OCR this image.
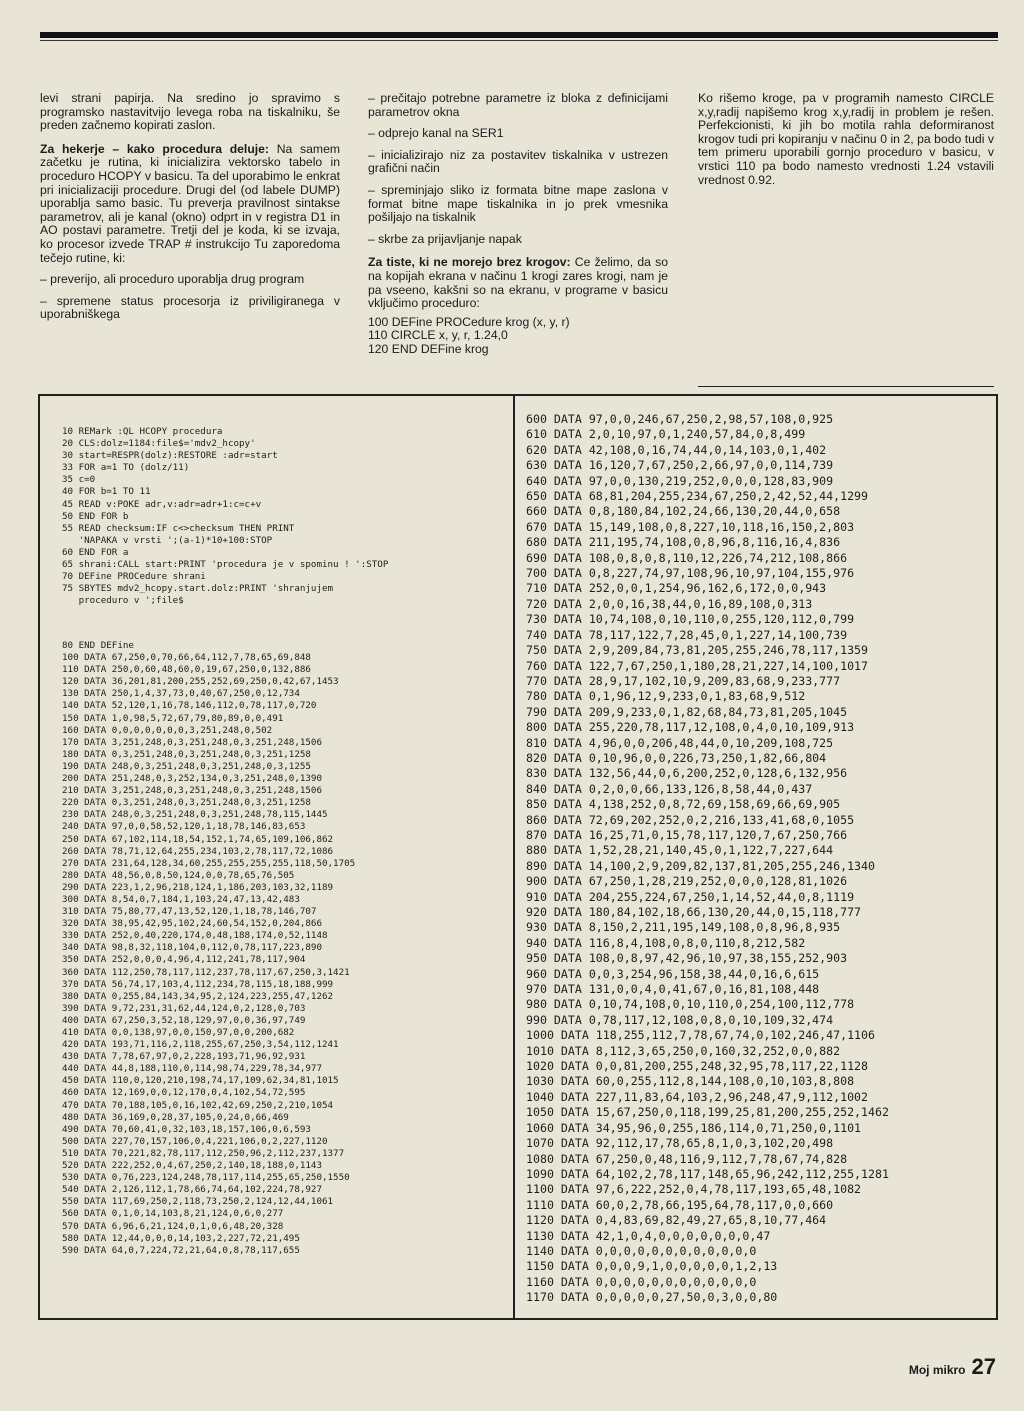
levi strani papirja. Na sredino jo spravimo s programsko nastavitvijo levega roba na tiskalniku, še preden začnemo kopirati zaslon.

Za hekerje – kako procedura deluje: Na samem začetku je rutina, ki inicializira vektorsko tabelo in proceduro HCOPY v basicu. Ta del uporabimo le enkrat pri inicializaciji procedure. Drugi del (od labele DUMP) uporablja samo basic. Tu preverja pravilnost sintakse parametrov, ali je kanal (okno) odprt in v registra D1 in AO postavi parametre. Tretji del je koda, ki se izvaja, ko procesor izvede TRAP # instrukcijo Tu zaporedoma tečejo rutine, ki:

– preverijo, ali proceduro uporablja drug program

– spremene status procesorja iz priviligiranega v uporabniškega

– prečitajo potrebne parametre iz bloka z definicijami parametrov okna

– odprejo kanal na SER1

– inicializirajo niz za postavitev tiskalnika v ustrezen grafični način

– spreminjajo sliko iz formata bitne mape zaslona v format bitne mape tiskalnika in jo prek vmesnika pošiljajo na tiskalnik

– skrbe za prijavljanje napak

Za tiste, ki ne morejo brez krogov: Ce želimo, da so na kopijah ekrana v načinu 1 krogi zares krogi, nam je pa vseeno, kakšni so na ekranu, v programe v basicu vključimo proceduro:

100 DEFine PROCedure krog (x, y, r)

110 CIRCLE x, y, r, 1.24,0

120 END DEFine krog

Ko rišemo kroge, pa v programih namesto CIRCLE x,y,radij napišemo krog x,y,radij in problem je rešen. Perfekcionisti, ki jih bo motila rahla deformiranost krogov tudi pri kopiranju v načinu 0 in 2, pa bodo tudi v tem primeru uporabili gornjo proceduro v basicu, v vrstici 110 pa bodo namesto vrednosti 1.24 vstavili vrednost 0.92.

10 REMark :QL HCOPY procedura
20 CLS:dolz=1184:file$='mdv2_hcopy'
30 start=RESPR(dolz):RESTORE :adr=start
33 FOR a=1 TO (dolz/11)
35 c=0
40 FOR b=1 TO 11
45 READ v:POKE adr,v:adr=adr+1:c=c+v
50 END FOR b
55 READ checksum:IF c<>checksum THEN PRINT
'NAPAKA v vrsti ';(a-1)*10+100:STOP
60 END FOR a
65 shrani:CALL start:PRINT 'procedura je v spominu ! ':STOP
70 DEFine PROCedure shrani
75 SBYTES mdv2_hcopy.start.dolz:PRINT 'shranjujem
proceduro v ';file$
80 END DEFine
100 DATA 67,250,0,70,66,64,112,7,78,65,69,848
110 DATA 250,0,60,48,60,0,19,67,250,0,132,886
120 DATA 36,201,81,200,255,252,69,250,0,42,67,1453
130 DATA 250,1,4,37,73,0,40,67,250,0,12,734
140 DATA 52,120,1,16,78,146,112,0,78,117,0,720
150 DATA 1,0,98,5,72,67,79,80,89,0,0,491
160 DATA 0,0,0,0,0,0,0,3,251,248,0,502
170 DATA 3,251,248,0,3,251,248,0,3,251,248,1506
180 DATA 0,3,251,248,0,3,251,248,0,3,251,1258
190 DATA 248,0,3,251,248,0,3,251,248,0,3,1255
200 DATA 251,248,0,3,252,134,0,3,251,248,0,1390
210 DATA 3,251,248,0,3,251,248,0,3,251,248,1506
220 DATA 0,3,251,248,0,3,251,248,0,3,251,1258
230 DATA 248,0,3,251,248,0,3,251,248,78,115,1445
240 DATA 97,0,0,58,52,120,1,18,78,146,83,653
250 DATA 67,102,114,18,54,152,1,74,65,109,106,862
260 DATA 78,71,12,64,255,234,103,2,78,117,72,1086
270 DATA 231,64,128,34,60,255,255,255,255,118,50,1705
280 DATA 48,56,0,8,50,124,0,0,78,65,76,505
290 DATA 223,1,2,96,218,124,1,186,203,103,32,1189
300 DATA 8,54,0,7,184,1,103,24,47,13,42,483
310 DATA 75,80,77,47,13,52,120,1,18,78,146,707
320 DATA 38,95,42,95,102,24,60,54,152,0,204,866
330 DATA 252,0,40,220,174,0,48,188,174,0,52,1148
340 DATA 98,8,32,118,104,0,112,0,78,117,223,890
350 DATA 252,0,0,0,4,96,4,112,241,78,117,904
360 DATA 112,250,78,117,112,237,78,117,67,250,3,1421
370 DATA 56,74,17,103,4,112,234,78,115,18,188,999
380 DATA 0,255,84,143,34,95,2,124,223,255,47,1262
390 DATA 9,72,231,31,62,44,124,0,2,128,0,703
400 DATA 67,250,3,52,18,129,97,0,0,36,97,749
410 DATA 0,0,138,97,0,0,150,97,0,0,200,682
420 DATA 193,71,116,2,118,255,67,250,3,54,112,1241
430 DATA 7,78,67,97,0,2,228,193,71,96,92,931
440 DATA 44,8,188,110,0,114,98,74,229,78,34,977
450 DATA 110,0,120,210,198,74,17,109,62,34,81,1015
460 DATA 12,169,0,0,12,170,0,4,102,54,72,595
470 DATA 70,188,105,0,16,102,42,69,250,2,210,1054
480 DATA 36,169,0,28,37,105,0,24,0,66,469
490 DATA 70,60,41,0,32,103,18,157,106,0,6,593
500 DATA 227,70,157,106,0,4,221,106,0,2,227,1120
510 DATA 70,221,82,78,117,112,250,96,2,112,237,1377
520 DATA 222,252,0,4,67,250,2,140,18,188,0,1143
530 DATA 0,76,223,124,248,78,117,114,255,65,250,1550
540 DATA 2,126,112,1,78,66,74,64,102,224,78,927
550 DATA 117,69,250,2,118,73,250,2,124,12,44,1061
560 DATA 0,1,0,14,103,8,21,124,0,6,0,277
570 DATA 6,96,6,21,124,0,1,0,6,48,20,328
580 DATA 12,44,0,0,0,14,103,2,227,72,21,495
590 DATA 64,0,7,224,72,21,64,0,8,78,117,655
600 DATA 97,0,0,246,67,250,2,98,57,108,0,925
610 DATA 2,0,10,97,0,1,240,57,84,0,8,499
620 DATA 42,108,0,16,74,44,0,14,103,0,1,402
630 DATA 16,120,7,67,250,2,66,97,0,0,114,739
640 DATA 97,0,0,130,219,252,0,0,0,128,83,909
650 DATA 68,81,204,255,234,67,250,2,42,52,44,1299
660 DATA 0,8,180,84,102,24,66,130,20,44,0,658
670 DATA 15,149,108,0,8,227,10,118,16,150,2,803
680 DATA 211,195,74,108,0,8,96,8,116,16,4,836
690 DATA 108,0,8,0,8,110,12,226,74,212,108,866
700 DATA 0,8,227,74,97,108,96,10,97,104,155,976
710 DATA 252,0,0,1,254,96,162,6,172,0,0,943
720 DATA 2,0,0,16,38,44,0,16,89,108,0,313
730 DATA 10,74,108,0,10,110,0,255,120,112,0,799
740 DATA 78,117,122,7,28,45,0,1,227,14,100,739
750 DATA 2,9,209,84,73,81,205,255,246,78,117,1359
760 DATA 122,7,67,250,1,180,28,21,227,14,100,1017
770 DATA 28,9,17,102,10,9,209,83,68,9,233,777
780 DATA 0,1,96,12,9,233,0,1,83,68,9,512
790 DATA 209,9,233,0,1,82,68,84,73,81,205,1045
800 DATA 255,220,78,117,12,108,0,4,0,10,109,913
810 DATA 4,96,0,0,206,48,44,0,10,209,108,725
820 DATA 0,10,96,0,0,226,73,250,1,82,66,804
830 DATA 132,56,44,0,6,200,252,0,128,6,132,956
840 DATA 0,2,0,0,66,133,126,8,58,44,0,437
850 DATA 4,138,252,0,8,72,69,158,69,66,69,905
860 DATA 72,69,202,252,0,2,216,133,41,68,0,1055
870 DATA 16,25,71,0,15,78,117,120,7,67,250,766
880 DATA 1,52,28,21,140,45,0,1,122,7,227,644
890 DATA 14,100,2,9,209,82,137,81,205,255,246,1340
900 DATA 67,250,1,28,219,252,0,0,0,128,81,1026
910 DATA 204,255,224,67,250,1,14,52,44,0,8,1119
920 DATA 180,84,102,18,66,130,20,44,0,15,118,777
930 DATA 8,150,2,211,195,149,108,0,8,96,8,935
940 DATA 116,8,4,108,0,8,0,110,8,212,582
950 DATA 108,0,8,97,42,96,10,97,38,155,252,903
960 DATA 0,0,3,254,96,158,38,44,0,16,6,615
970 DATA 131,0,0,4,0,41,67,0,16,81,108,448
980 DATA 0,10,74,108,0,10,110,0,254,100,112,778
990 DATA 0,78,117,12,108,0,8,0,10,109,32,474
1000 DATA 118,255,112,7,78,67,74,0,102,246,47,1106
1010 DATA 8,112,3,65,250,0,160,32,252,0,0,882
1020 DATA 0,0,81,200,255,248,32,95,78,117,22,1128
1030 DATA 60,0,255,112,8,144,108,0,10,103,8,808
1040 DATA 227,11,83,64,103,2,96,248,47,9,112,1002
1050 DATA 15,67,250,0,118,199,25,81,200,255,252,1462
1060 DATA 34,95,96,0,255,186,114,0,71,250,0,1101
1070 DATA 92,112,17,78,65,8,1,0,3,102,20,498
1080 DATA 67,250,0,48,116,9,112,7,78,67,74,828
1090 DATA 64,102,2,78,117,148,65,96,242,112,255,1281
1100 DATA 97,6,222,252,0,4,78,117,193,65,48,1082
1110 DATA 60,0,2,78,66,195,64,78,117,0,0,660
1120 DATA 0,4,83,69,82,49,27,65,8,10,77,464
1130 DATA 42,1,0,4,0,0,0,0,0,0,0,47
1140 DATA 0,0,0,0,0,0,0,0,0,0,0,0
1150 DATA 0,0,0,9,1,0,0,0,0,0,1,2,13
1160 DATA 0,0,0,0,0,0,0,0,0,0,0,0
1170 DATA 0,0,0,0,0,27,50,0,3,0,0,80
Moj mikro 27
